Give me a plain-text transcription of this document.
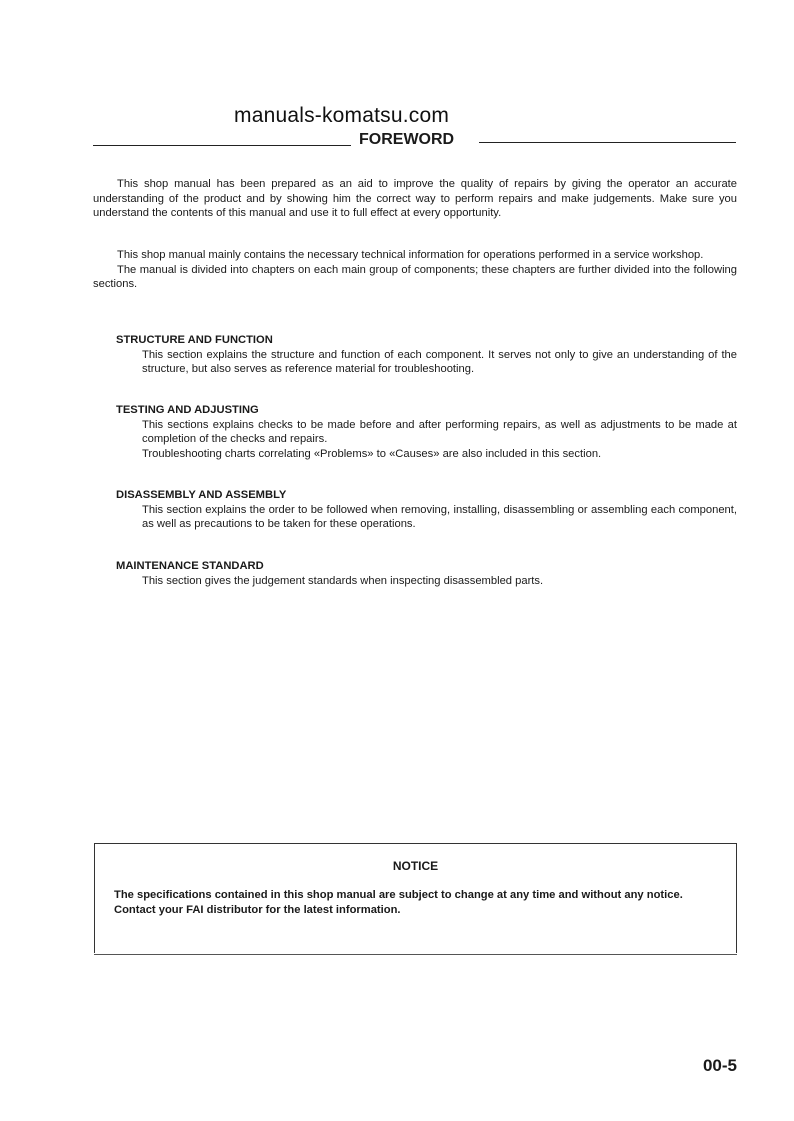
manuals-komatsu.com
FOREWORD

This shop manual has been prepared as an aid to improve the quality of repairs by giving the operator an accurate understanding of the product and by showing him the correct way to perform repairs and make judgements. Make sure you understand the contents of this manual and use it to full effect at every opportunity.

This shop manual mainly contains the necessary technical information for operations performed in a service workshop.

The manual is divided into chapters on each main group of components; these chapters are further divided into the following sections.

STRUCTURE AND FUNCTION

This section explains the structure and function of each component. It serves not only to give an understanding of the structure, but also serves as reference material for troubleshooting.

TESTING AND ADJUSTING

This sections explains checks to be made before and after performing repairs, as well as adjustments to be made at completion of the checks and repairs.

Troubleshooting charts correlating «Problems» to «Causes» are also included in this section.

DISASSEMBLY AND ASSEMBLY

This section explains the order to be followed when removing, installing, disassembling or assembling each component, as well as precautions to be taken for these operations.

MAINTENANCE STANDARD

This section gives the judgement standards when inspecting disassembled parts.

NOTICE

The specifications contained in this shop manual are subject to change at any time and without any notice.

Contact your FAI distributor for the latest information.

00-5
